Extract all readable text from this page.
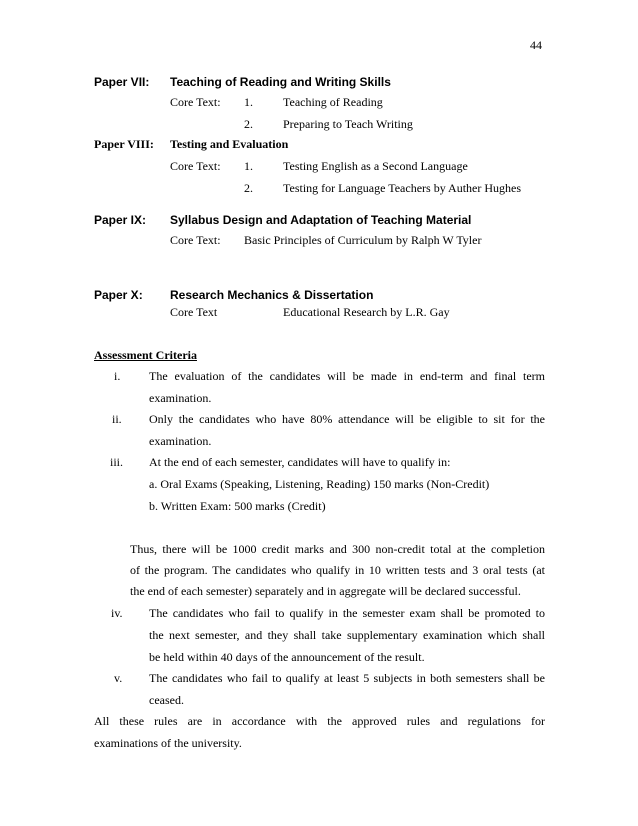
44
Paper VII: Teaching of Reading and Writing Skills
Core Text: 1.	Teaching of Reading
2.	Preparing to Teach Writing
Paper VIII: Testing and Evaluation
Core Text: 1.	Testing English as a Second Language
2.	Testing for Language Teachers by Auther Hughes
Paper IX: Syllabus Design and Adaptation of Teaching Material
Core Text: Basic Principles of Curriculum by Ralph W Tyler
Paper X: Research Mechanics & Dissertation
Core Text	Educational Research by L.R. Gay
Assessment Criteria
i. The evaluation of the candidates will be made in end-term and final term
examination.
ii. Only the candidates who have 80% attendance will be eligible to sit for the
examination.
iii. At the end of each semester, candidates will have to qualify in:
a. Oral Exams (Speaking, Listening, Reading) 150 marks (Non-Credit)
b. Written Exam: 500 marks (Credit)
Thus, there will be 1000 credit marks and 300 non-credit total at the completion
of the program. The candidates who qualify in 10 written tests and 3 oral tests (at
the end of each semester) separately and in aggregate will be declared successful.
iv. The candidates who fail to qualify in the semester exam shall be promoted to
the next semester, and they shall take supplementary examination which shall
be held within 40 days of the announcement of the result.
v. The candidates who fail to qualify at least 5 subjects in both semesters shall be
ceased.
All  these  rules  are  in  accordance  with  the  approved  rules  and  regulations  for
examinations of the university.
